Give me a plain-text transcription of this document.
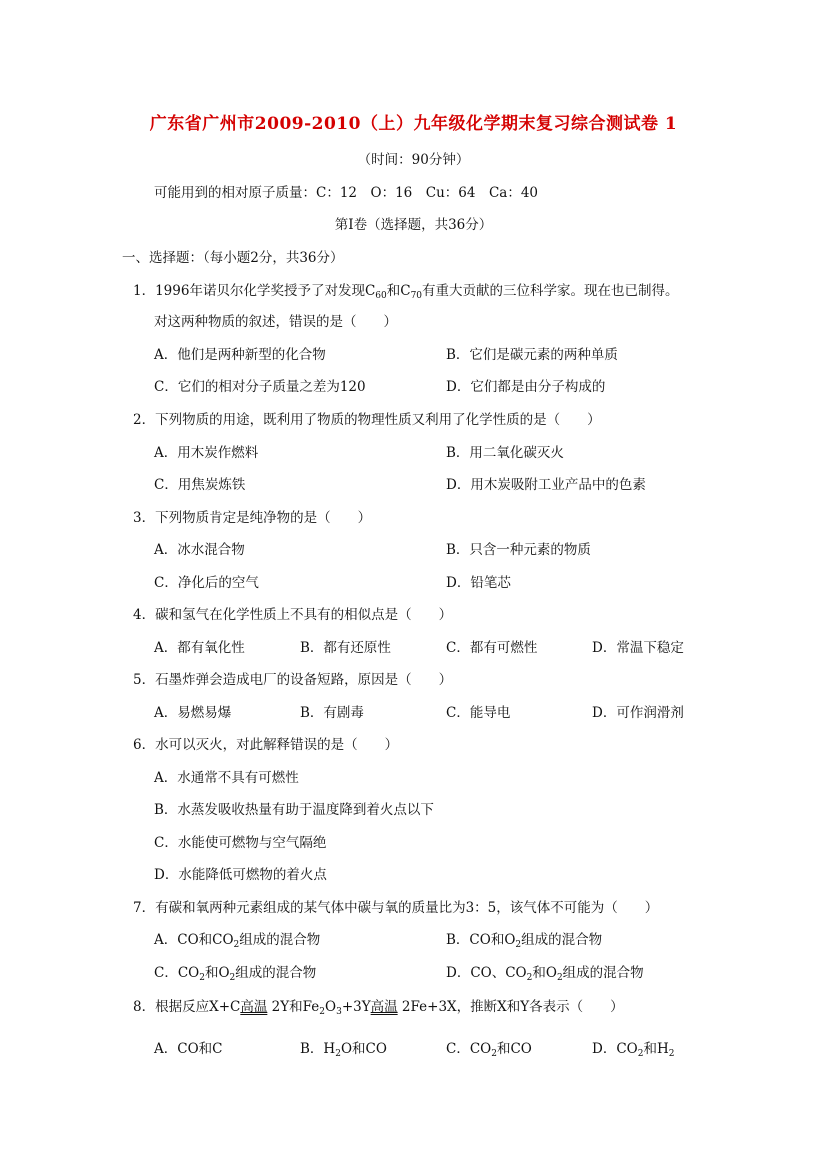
广东省广州市2009-2010（上）九年级化学期末复习综合测试卷 1
（时间：90分钟）
可能用到的相对原子质量：C：12　O：16　Cu：64　Ca：40
第Ⅰ卷（选择题，共36分）
一、选择题：（每小题2分，共36分）
1．1996年诺贝尔化学奖授予了对发现$C_{60}$和$C_{70}$有重大贡献的三位科学家。现在也已制得。
对这两种物质的叙述，错误的是（　　）
A．他们是两种新型的化合物	B．它们是碳元素的两种单质
C．它们的相对分子质量之差为120	D．它们都是由分子构成的
2．下列物质的用途，既利用了物质的物理性质又利用了化学性质的是（　　）
A．用木炭作燃料	B．用二氧化碳灭火
C．用焦炭炼铁	D．用木炭吸附工业产品中的色素
3．下列物质肯定是纯净物的是（　　）
A．冰水混合物	B．只含一种元素的物质
C．净化后的空气	D．铅笔芯
4．碳和氢气在化学性质上不具有的相似点是（　　）
A．都有氧化性	B．都有还原性	C．都有可燃性	D．常温下稳定
5．石墨炸弹会造成电厂的设备短路，原因是（　　）
A．易燃易爆	B．有剧毒	C．能导电	D．可作润滑剂
6．水可以灭火，对此解释错误的是（　　）
A．水通常不具有可燃性
B．水蒸发吸收热量有助于温度降到着火点以下
C．水能使可燃物与空气隔绝
D．水能降低可燃物的着火点
7．有碳和氧两种元素组成的某气体中碳与氧的质量比为3：5，该气体不可能为（　　）
A．CO和$CO_2$组成的混合物	B．CO和$O_2$组成的混合物
C．$CO_2$和$O_2$组成的混合物	D．CO、$CO_2$和$O_2$组成的混合物
8．根据反应X+C高温 2Y和$Fe_2O_3+3Y$高温 2Fe+3X，推断X和Y各表示（　　）
A．CO和C	B．$H_2O$和CO	C．$CO_2$和CO	D．$CO_2$和$H_2$
